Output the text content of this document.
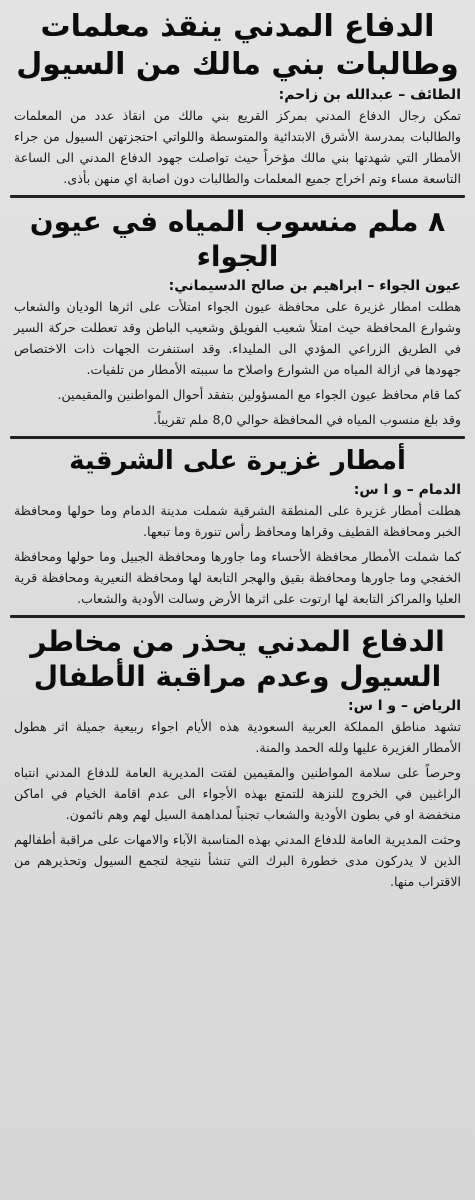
الدفاع المدني ينقذ معلمات
وطالبات بني مالك من السيول
الطائف – عبدالله بن زاحم:

تمكن رجال الدفاع المدني بمركز القريع بني مالك من انقاذ عدد من المعلمات والطالبات بمدرسة الأشرق الابتدائية والمتوسطة واللواتي احتجزتهن السيول من جراء الأمطار التي شهدتها بني مالك مؤخراً حيث تواصلت جهود الدفاع المدني الى الساعة التاسعة مساء وتم اخراج جميع المعلمات والطالبات دون اصابة اي منهن بأذى.

٨ ملم منسوب المياه في عيون الجواء
عيون الجواء – ابراهيم بن صالح الدسيماني:

هطلت امطار غزيرة على محافظة عيون الجواء امتلأت على اثرها الوديان والشعاب وشوارع المحافظة حيث امتلأ شعيب الفويلق وشعيب الباطن وقد تعطلت حركة السير في الطريق الزراعي المؤدي الى المليداء. وقد استنفرت الجهات ذات الاختصاص جهودها في ازالة المياه من الشوارع واصلاح ما سببته الأمطار من تلفيات.

كما قام محافظ عيون الجواء مع المسؤولين بتفقد أحوال المواطنين والمقيمين.

وقد بلغ منسوب المياه في المحافظة حوالي 8,0 ملم تقريباً.

أمطار غزيرة على الشرقية
الدمام – و ا س:

هطلت أمطار غزيرة على المنطقة الشرقية شملت مدينة الدمام وما حولها ومحافظة الخبر ومحافظة القطيف وقراها ومحافظ رأس تنورة وما تبعها.

كما شملت الأمطار محافظة الأحساء وما جاورها ومحافظة الجبيل وما حولها ومحافظة الخفجي وما جاورها ومحافظة بقيق والهجر التابعة لها ومحافظة النعيرية ومحافظة قرية العليا والمراكز التابعة لها ارتوت على اثرها الأرض وسالت الأودية والشعاب.

الدفاع المدني يحذر من مخاطر
السيول وعدم مراقبة الأطفال
الرياض – و ا س:

تشهد مناطق المملكة العربية السعودية هذه الأيام اجواء ربيعية جميلة اثر هطول الأمطار الغزيرة عليها ولله الحمد والمنة.

وحرصاً على سلامة المواطنين والمقيمين لفتت المديرية العامة للدفاع المدني انتباه الراغبين في الخروج للنزهة للتمتع بهذه الأجواء الى عدم اقامة الخيام في اماكن منخفضة او في بطون الأودية والشعاب تجنباً لمداهمة السيل لهم وهم نائمون.

وحثت المديرية العامة للدفاع المدني بهذه المناسبة الآباء والامهات على مراقبة أطفالهم الذين لا يدركون مدى خطورة البرك التي تنشأ نتيجة لتجمع السيول وتحذيرهم من الاقتراب منها.
